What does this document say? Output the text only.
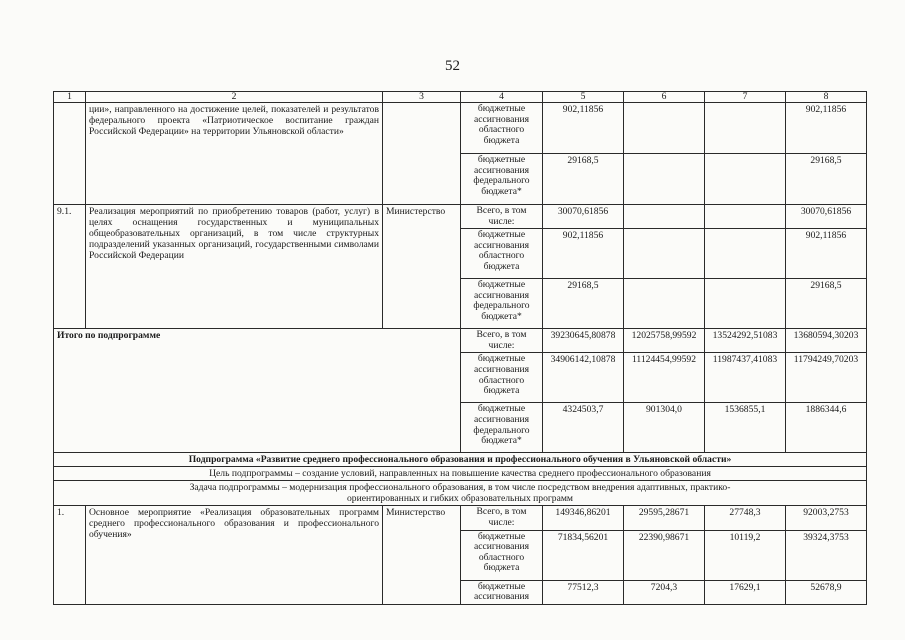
52
1	2	3	4	5	6	7	8
	ции», направленного на достижение целей, показателей и результатов федерального проекта «Патриотическое воспитание граждан Российской Федерации» на территории Ульяновской области»		бюджетные ассигнования областного бюджета	902,11856			902,11856
			бюджетные ассигнования федерального бюджета*	29168,5			29168,5
9.1.	Реализация мероприятий по приобретению товаров (работ, услуг) в целях оснащения государственных и муниципальных общеобразовательных организаций, в том числе структурных подразделений указанных организаций, государственными символами Российской Федерации	Министерство	Всего, в том числе:	30070,61856			30070,61856
			бюджетные ассигнования областного бюджета	902,11856			902,11856
			бюджетные ассигнования федерального бюджета*	29168,5			29168,5
Итого по подпрограмме			Всего, в том числе:	39230645,80878	12025758,99592	13524292,51083	13680594,30203
			бюджетные ассигнования областного бюджета	34906142,10878	11124454,99592	11987437,41083	11794249,70203
			бюджетные ассигнования федерального бюджета*	4324503,7	901304,0	1536855,1	1886344,6
Подпрограмма «Развитие среднего профессионального образования и профессионального обучения в Ульяновской области»							
Цель подпрограммы – создание условий, направленных на повышение качества среднего профессионального образования							
Задача подпрограммы – модернизация профессионального образования, в том числе посредством внедрения адаптивных, практико-ориентированных и гибких образовательных программ							
1.	Основное мероприятие «Реализация образовательных программ среднего профессионального образования и профессионального обучения»	Министерство	Всего, в том числе:	149346,86201	29595,28671	27748,3	92003,2753
			бюджетные ассигнования областного бюджета	71834,56201	22390,98671	10119,2	39324,3753
			бюджетные ассигнования	77512,3	7204,3	17629,1	52678,9
